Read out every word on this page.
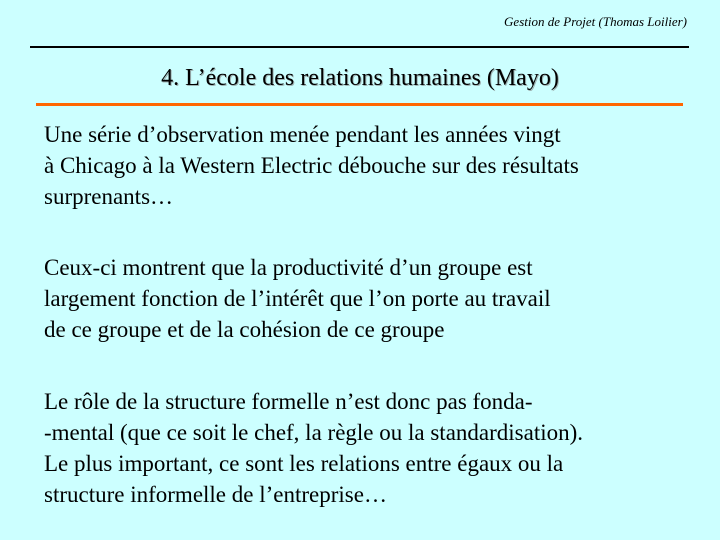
Gestion de Projet (Thomas Loilier)
4. L’école des relations humaines (Mayo)

Une série d’observation menée pendant les années vingt
à Chicago à la Western Electric débouche sur des résultats
surprenants…

Ceux-ci montrent que la productivité d’un groupe est
largement fonction de l’intérêt que l’on porte au travail
de ce groupe et de la cohésion de ce groupe

Le rôle de la structure formelle n’est donc pas fonda-
-mental (que ce soit le chef, la règle ou la standardisation).
Le plus important, ce sont les relations entre égaux ou la
structure informelle de l’entreprise…
